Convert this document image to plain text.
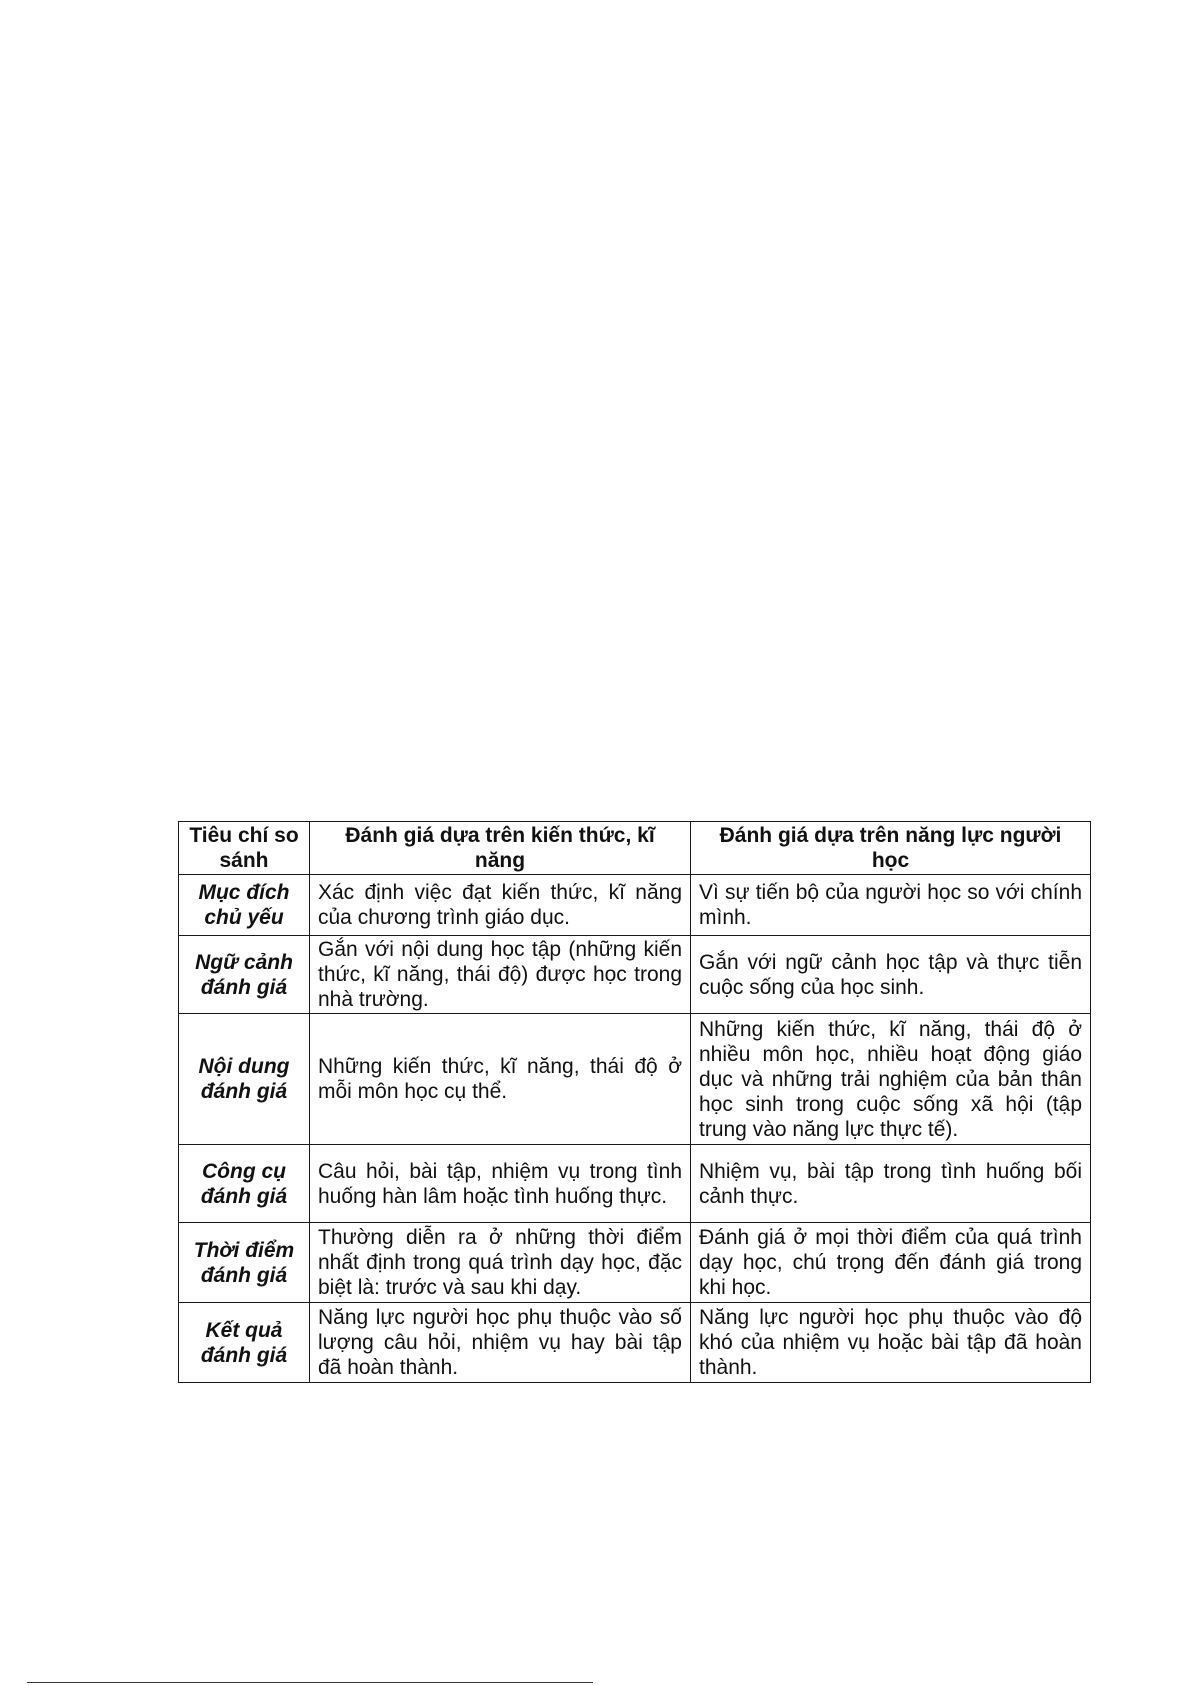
Tiêu chí so sánh	Đánh giá dựa trên kiến thức, kĩ năng	Đánh giá dựa trên năng lực người học
Mục đích chủ yếu	Xác định việc đạt kiến thức, kĩ năng của chương trình giáo dục.	Vì sự tiến bộ của người học so với chính mình.
Ngữ cảnh đánh giá	Gắn với nội dung học tập (những kiến thức, kĩ năng, thái độ) được học trong nhà trường.	Gắn với ngữ cảnh học tập và thực tiễn cuộc sống của học sinh.
Nội dung đánh giá	Những kiến thức, kĩ năng, thái độ ở mỗi môn học cụ thể.	Những kiến thức, kĩ năng, thái độ ở nhiều môn học, nhiều hoạt động giáo dục và những trải nghiệm của bản thân học sinh trong cuộc sống xã hội (tập trung vào năng lực thực tế).
Công cụ đánh giá	Câu hỏi, bài tập, nhiệm vụ trong tình huống hàn lâm hoặc tình huống thực.	Nhiệm vụ, bài tập trong tình huống bối cảnh thực.
Thời điểm đánh giá	Thường diễn ra ở những thời điểm nhất định trong quá trình dạy học, đặc biệt là: trước và sau khi dạy.	Đánh giá ở mọi thời điểm của quá trình dạy học, chú trọng đến đánh giá trong khi học.
Kết quả đánh giá	Năng lực người học phụ thuộc vào số lượng câu hỏi, nhiệm vụ hay bài tập đã hoàn thành.	Năng lực người học phụ thuộc vào độ khó của nhiệm vụ hoặc bài tập đã hoàn thành.
